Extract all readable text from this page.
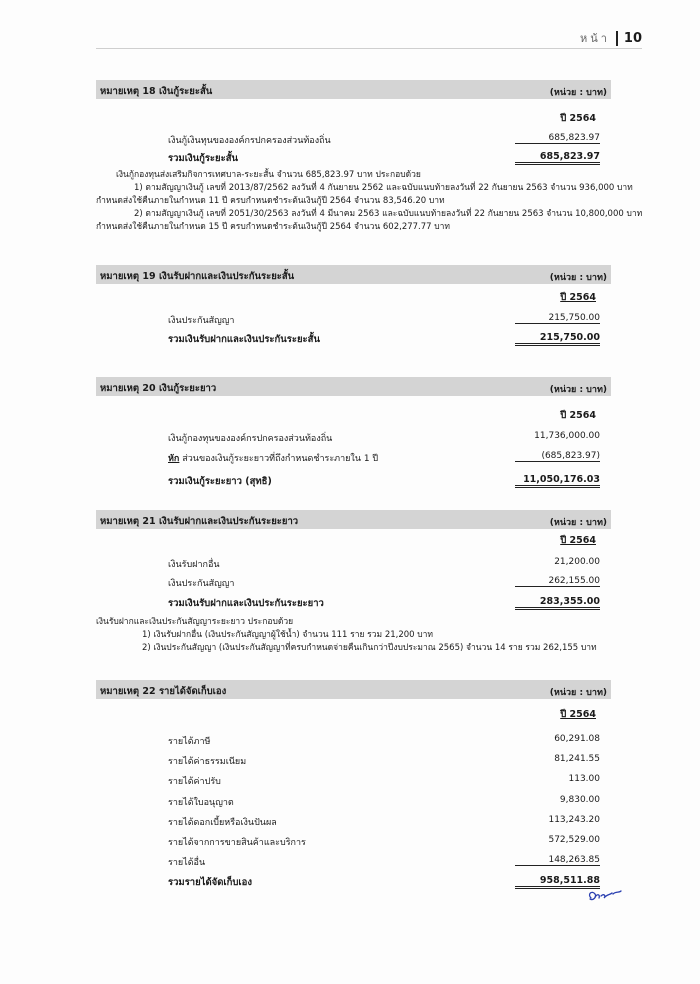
หน้า 10
หมายเหตุ 18 เงินกู้ระยะสั้น	(หน่วย : บาท)
ปี 2564
เงินกู้เงินทุนขององค์กรปกครองส่วนท้องถิ่น	685,823.97
รวมเงินกู้ระยะสั้น	685,823.97

เงินกู้กองทุนส่งเสริมกิจการเทศบาล-ระยะสั้น จำนวน 685,823.97 บาท ประกอบด้วย

1) ตามสัญญาเงินกู้ เลขที่ 2013/87/2562 ลงวันที่ 4 กันยายน 2562 และฉบับแนบท้ายลงวันที่ 22 กันยายน 2563 จำนวน 936,000 บาท

กำหนดส่งใช้คืนภายในกำหนด 11 ปี ครบกำหนดชำระต้นเงินกู้ปี 2564 จำนวน 83,546.20 บาท

2) ตามสัญญาเงินกู้ เลขที่ 2051/30/2563 ลงวันที่ 4 มีนาคม 2563 และฉบับแนบท้ายลงวันที่ 22 กันยายน 2563 จำนวน 10,800,000 บาท

กำหนดส่งใช้คืนภายในกำหนด 15 ปี ครบกำหนดชำระต้นเงินกู้ปี 2564 จำนวน 602,277.77 บาท

หมายเหตุ 19 เงินรับฝากและเงินประกันระยะสั้น	(หน่วย : บาท)
ปี 2564
เงินประกันสัญญา	215,750.00
รวมเงินรับฝากและเงินประกันระยะสั้น	215,750.00
หมายเหตุ 20 เงินกู้ระยะยาว	(หน่วย : บาท)
ปี 2564
เงินกู้กองทุนขององค์กรปกครองส่วนท้องถิ่น	11,736,000.00
หัก ส่วนของเงินกู้ระยะยาวที่ถึงกำหนดชำระภายใน 1 ปี	(685,823.97)
รวมเงินกู้ระยะยาว (สุทธิ)	11,050,176.03
หมายเหตุ 21 เงินรับฝากและเงินประกันระยะยาว	(หน่วย : บาท)
ปี 2564
เงินรับฝากอื่น	21,200.00
เงินประกันสัญญา	262,155.00
รวมเงินรับฝากและเงินประกันระยะยาว	283,355.00

เงินรับฝากและเงินประกันสัญญาระยะยาว ประกอบด้วย

1) เงินรับฝากอื่น (เงินประกันสัญญาผู้ใช้น้ำ) จำนวน 111 ราย รวม 21,200 บาท

2) เงินประกันสัญญา (เงินประกันสัญญาที่ครบกำหนดจ่ายคืนเกินกว่าปีงบประมาณ 2565) จำนวน 14 ราย รวม 262,155 บาท

หมายเหตุ 22 รายได้จัดเก็บเอง	(หน่วย : บาท)
ปี 2564
รายได้ภาษี	60,291.08
รายได้ค่าธรรมเนียม	81,241.55
รายได้ค่าปรับ	113.00
รายได้ใบอนุญาต	9,830.00
รายได้ดอกเบี้ยหรือเงินปันผล	113,243.20
รายได้จากการขายสินค้าและบริการ	572,529.00
รายได้อื่น	148,263.85
รวมรายได้จัดเก็บเอง	958,511.88
